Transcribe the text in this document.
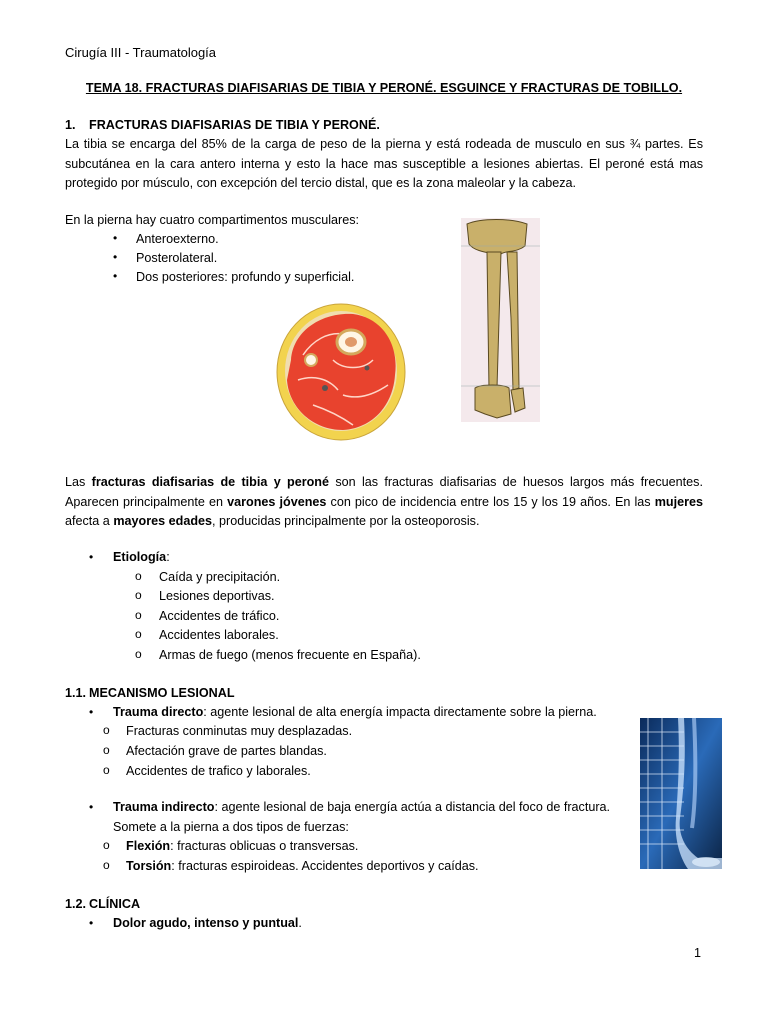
Cirugía III - Traumatología
TEMA 18. FRACTURAS DIAFISARIAS DE TIBIA Y PERONÉ. ESGUINCE Y FRACTURAS DE TOBILLO.
1. FRACTURAS DIAFISARIAS DE TIBIA Y PERONÉ.
La tibia se encarga del 85% de la carga de peso de la pierna y está rodeada de musculo en sus ¾ partes. Es
subcutánea en la cara antero interna y esto la hace mas susceptible a lesiones abiertas. El peroné está mas
protegido por músculo, con excepción del tercio distal, que es la zona maleolar y la cabeza.
En la pierna hay cuatro compartimentos musculares:
• Anteroexterno.
• Posterolateral.
• Dos posteriores: profundo y superficial.
Las fracturas diafisarias de tibia y peroné son las fracturas diafisarias de huesos largos más frecuentes.
Aparecen principalmente en varones jóvenes con pico de incidencia entre los 15 y los 19 años. En las mujeres
afecta a mayores edades, producidas principalmente por la osteoporosis.
• Etiología:
o Caída y precipitación.
o Lesiones deportivas.
o Accidentes de tráfico.
o Accidentes laborales.
o Armas de fuego (menos frecuente en España).
1.1. MECANISMO LESIONAL
• Trauma directo: agente lesional de alta energía impacta directamente sobre la pierna.
o Fracturas conminutas muy desplazadas.
o Afectación grave de partes blandas.
o Accidentes de trafico y laborales.
• Trauma indirecto: agente lesional de baja energía actúa a distancia del foco de fractura.
Somete a la pierna a dos tipos de fuerzas:
o Flexión: fracturas oblicuas o transversas.
o Torsión: fracturas espiroideas. Accidentes deportivos y caídas.
1.2. CLÍNICA
• Dolor agudo, intenso y puntual.
1
